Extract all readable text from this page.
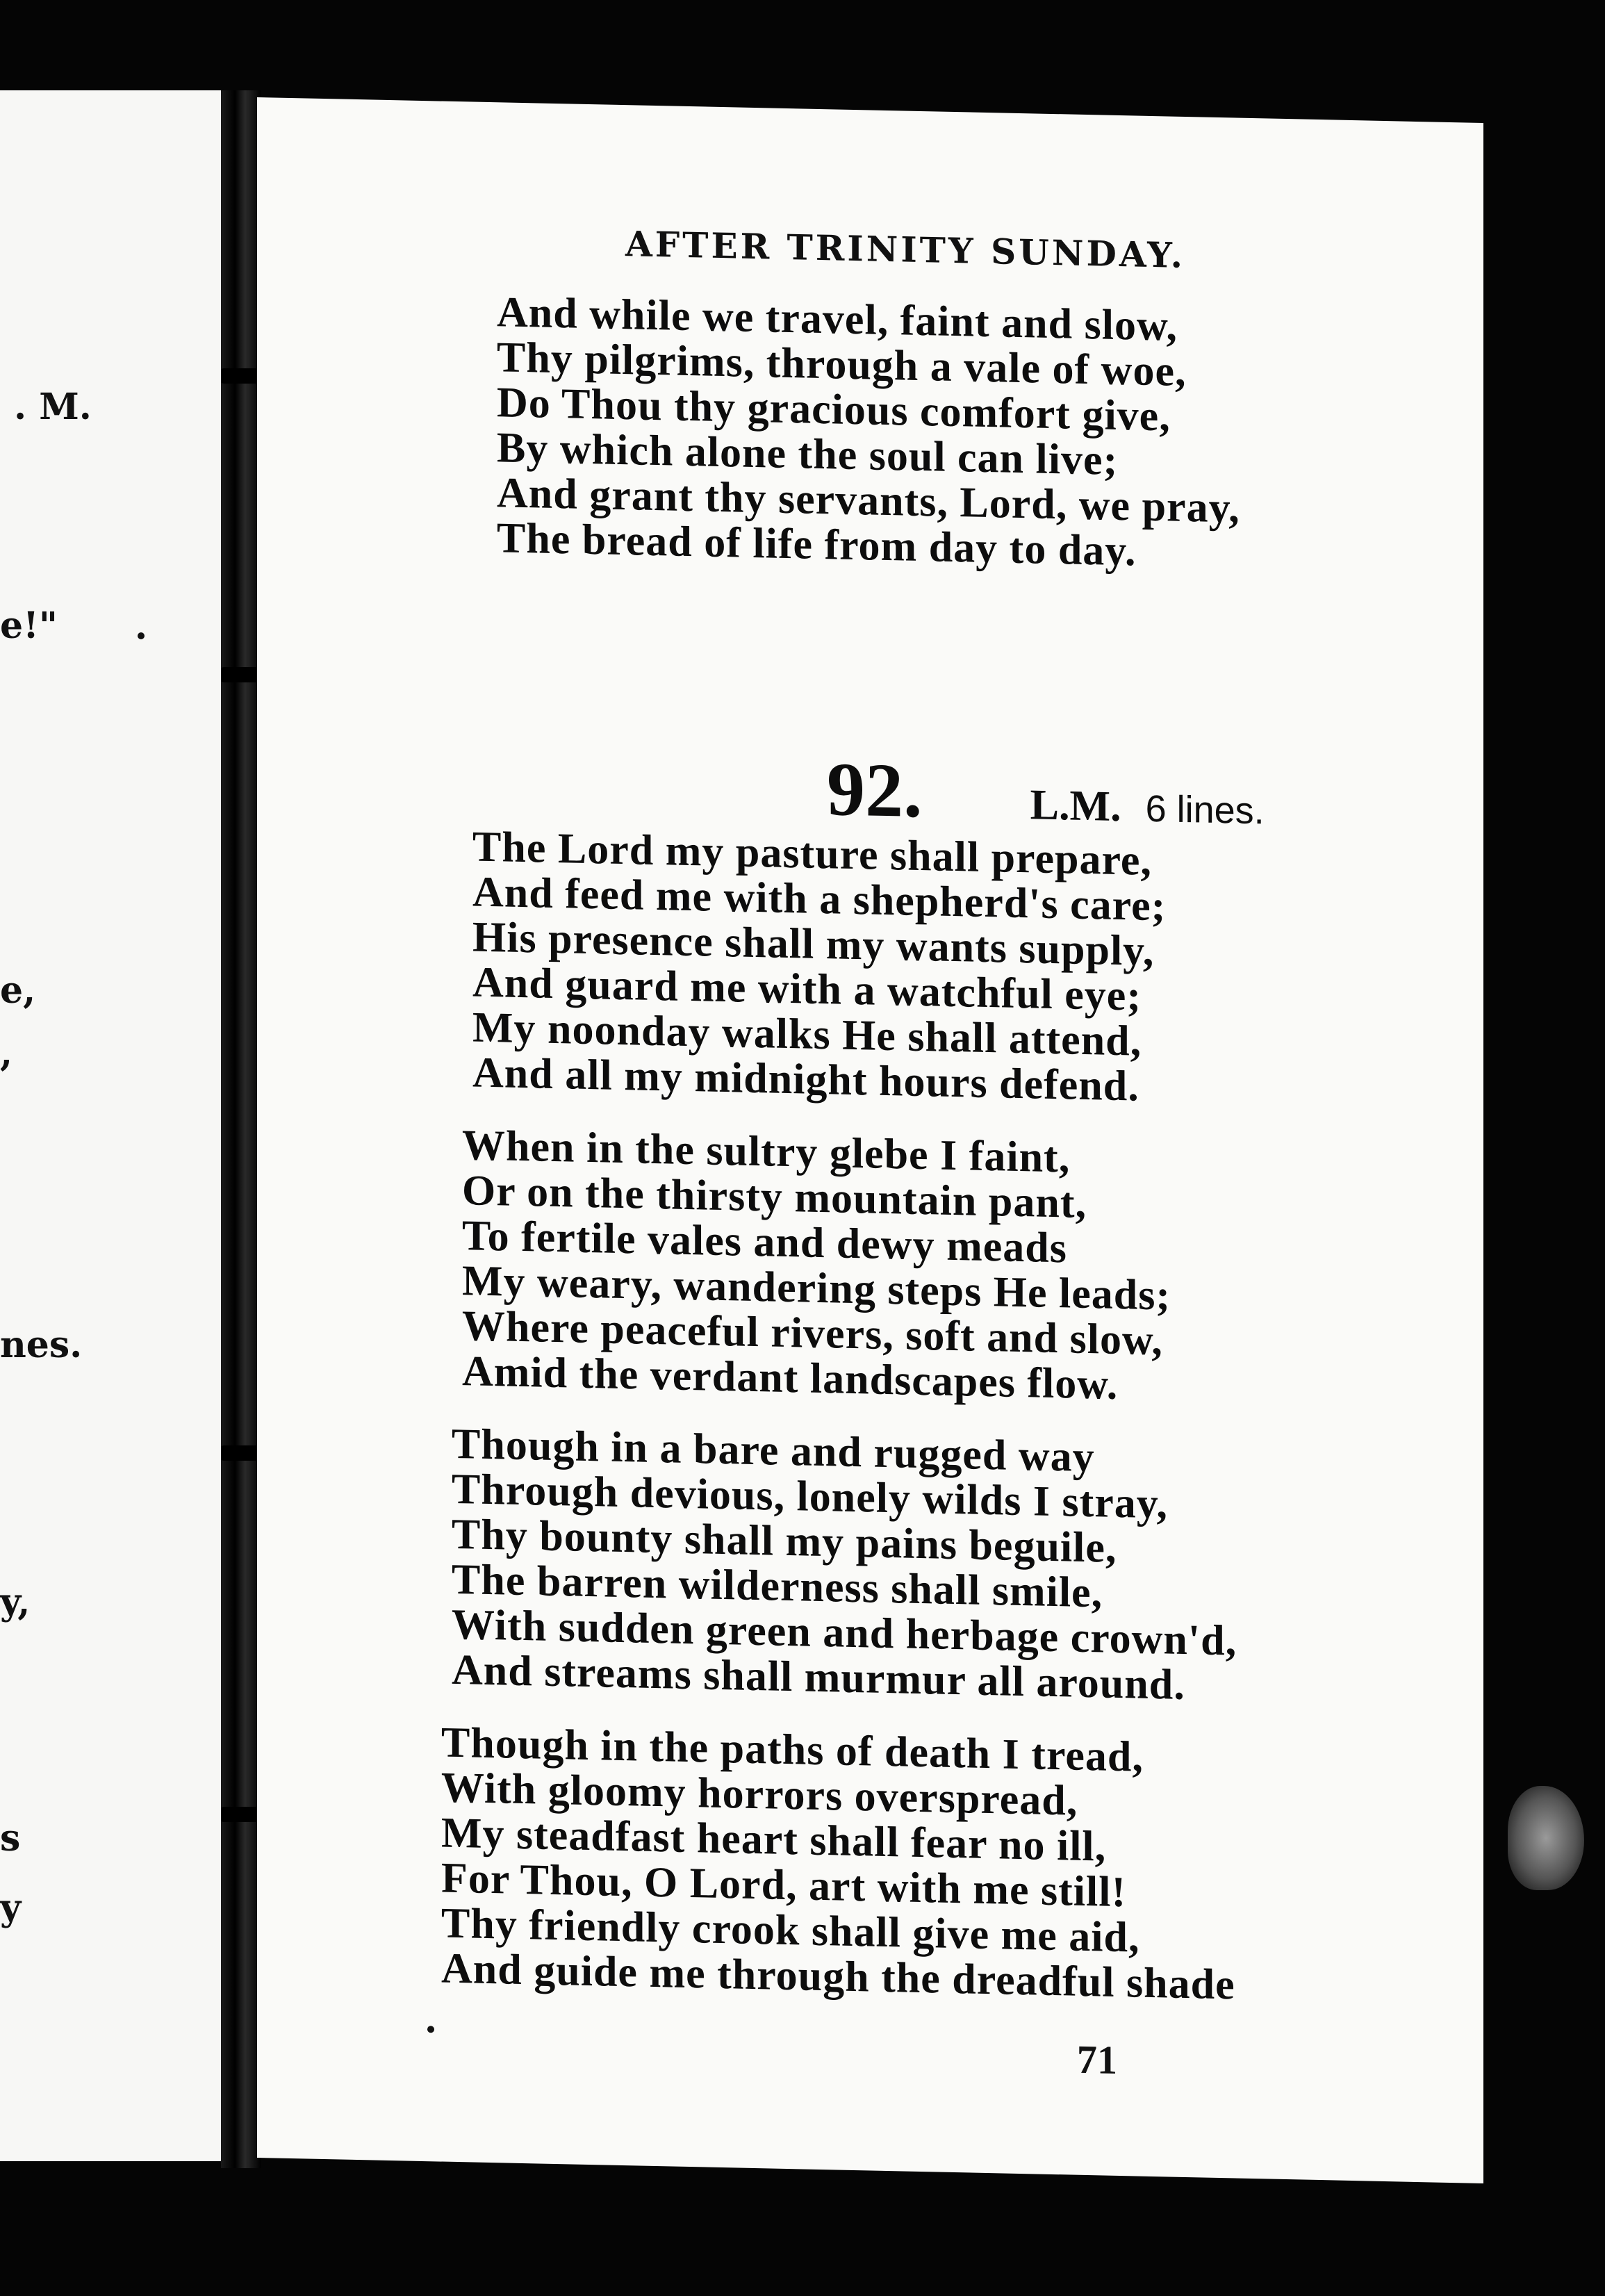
. M.
e!"
e,
,
nes.
y,
s
y
AFTER TRINITY SUNDAY.
And while we travel, faint and slow,
Thy pilgrims, through a vale of woe,
Do Thou thy gracious comfort give,
By which alone the soul can live;
And grant thy servants, Lord, we pray,
The bread of life from day to day.
92.	L.M. 6 lines.
The Lord my pasture shall prepare,
And feed me with a shepherd's care;
His presence shall my wants supply,
And guard me with a watchful eye;
My noonday walks He shall attend,
And all my midnight hours defend.
When in the sultry glebe I faint,
Or on the thirsty mountain pant,
To fertile vales and dewy meads
My weary, wandering steps He leads;
Where peaceful rivers, soft and slow,
Amid the verdant landscapes flow.
Though in a bare and rugged way
Through devious, lonely wilds I stray,
Thy bounty shall my pains beguile,
The barren wilderness shall smile,
With sudden green and herbage crown'd,
And streams shall murmur all around.
Though in the paths of death I tread,
With gloomy horrors overspread,
My steadfast heart shall fear no ill,
For Thou, O Lord, art with me still!
Thy friendly crook shall give me aid,
And guide me through the dreadful shade
71
